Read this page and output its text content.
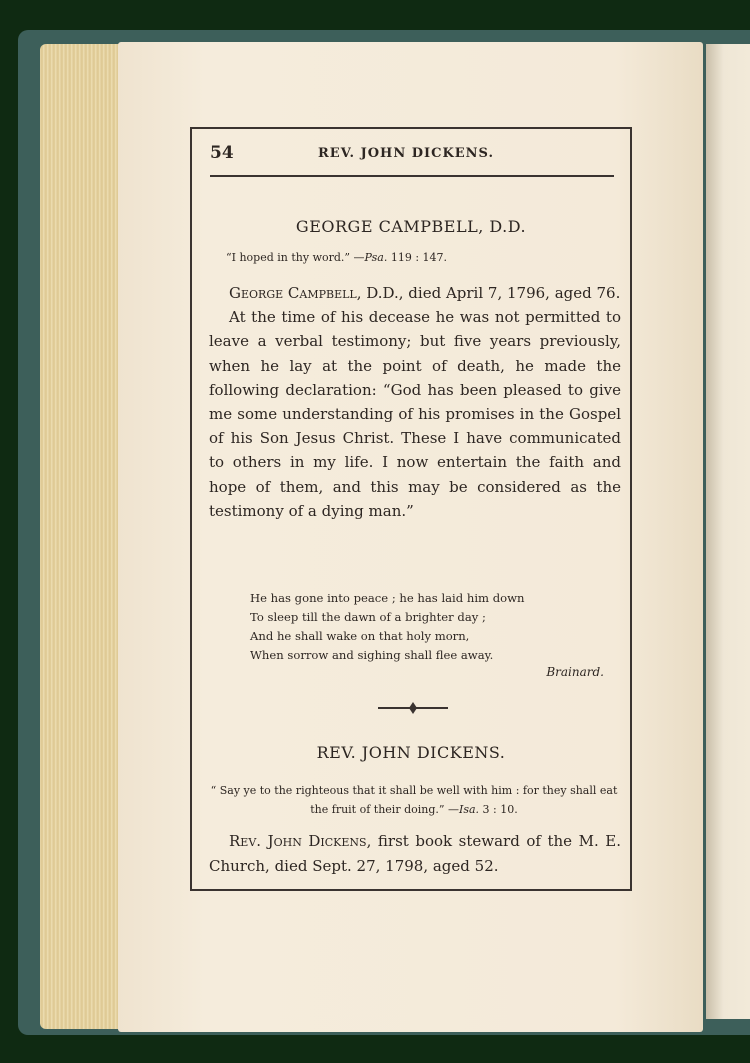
54	REV. JOHN DICKENS.
GEORGE CAMPBELL, D.D.
“I hoped in thy word.” —Psa. 119 : 147.

George Campbell, D.D., died April 7, 1796, aged 76.

At the time of his decease he was not permitted to leave a verbal testimony; but five years previously, when he lay at the point of death, he made the following declaration: “God has been pleased to give me some understanding of his promises in the Gospel of his Son Jesus Christ. These I have communicated to others in my life. I now entertain the faith and hope of them, and this may be considered as the testimony of a dying man.”

He has gone into peace ; he has laid him down
To sleep till the dawn of a brighter day ;
And he shall wake on that holy morn,
When sorrow and sighing shall flee away.
Brainard.
REV. JOHN DICKENS.
“ Say ye to the righteous that it shall be well with him : for they shall eat the fruit of their doing.” —Isa. 3 : 10.

Rev. John Dickens, first book steward of the M. E. Church, died Sept. 27, 1798, aged 52.
